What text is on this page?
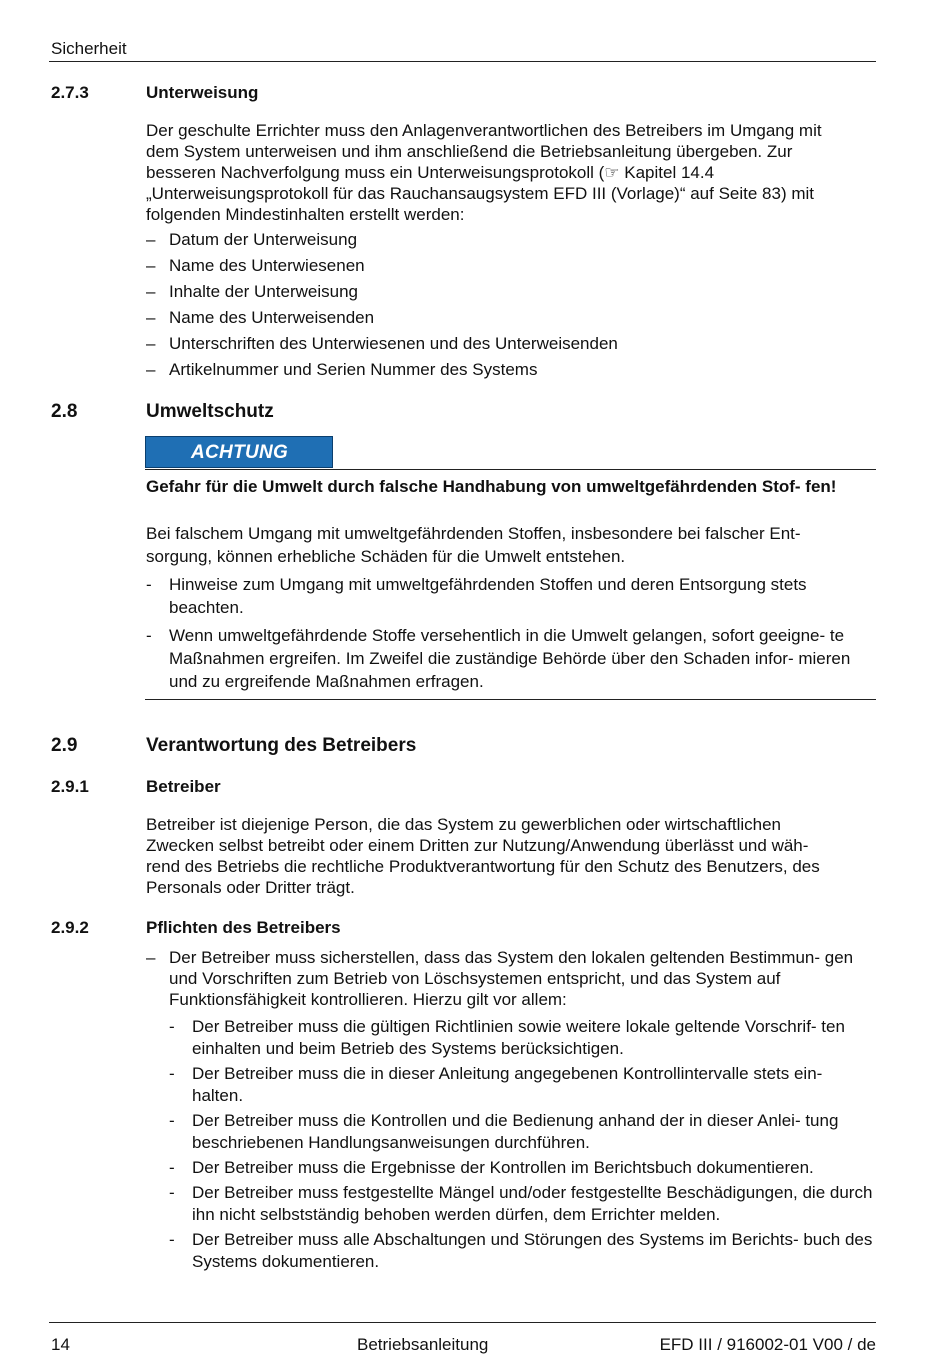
Sicherheit
2.7.3	Unterweisung

Der geschulte Errichter muss den Anlagenverantwortlichen des Betreibers im Umgang mit

dem System unterweisen und ihm anschließend die Betriebsanleitung übergeben. Zur

besseren Nachverfolgung muss ein Unterweisungsprotokoll (☞ Kapitel 14.4

„Unterweisungsprotokoll für das Rauchansaugsystem EFD III (Vorlage)“ auf Seite 83) mit

folgenden Mindestinhalten erstellt werden:

– Datum der Unterweisung
– Name des Unterwiesenen
– Inhalte der Unterweisung
– Name des Unterweisenden
– Unterschriften des Unterwiesenen und des Unterweisenden
– Artikelnummer und Serien Nummer des Systems
2.8	Umweltschutz
ACHTUNG
Gefahr für die Umwelt durch falsche Handhabung von umweltgefährdenden Stof- fen!
Bei falschem Umgang mit umweltgefährdenden Stoffen, insbesondere bei falscher Ent- sorgung, können erhebliche Schäden für die Umwelt entstehen.
- Hinweise zum Umgang mit umweltgefährdenden Stoffen und deren Entsorgung stets beachten.
- Wenn umweltgefährdende Stoffe versehentlich in die Umwelt gelangen, sofort geeigne- te Maßnahmen ergreifen. Im Zweifel die zuständige Behörde über den Schaden infor- mieren und zu ergreifende Maßnahmen erfragen.
2.9	Verantwortung des Betreibers
2.9.1	Betreiber

Betreiber ist diejenige Person, die das System zu gewerblichen oder wirtschaftlichen

Zwecken selbst betreibt oder einem Dritten zur Nutzung/Anwendung überlässt und wäh-

rend des Betriebs die rechtliche Produktverantwortung für den Schutz des Benutzers, des

Personals oder Dritter trägt.

2.9.2	Pflichten des Betreibers
– Der Betreiber muss sicherstellen, dass das System den lokalen geltenden Bestimmun- gen und Vorschriften zum Betrieb von Löschsystemen entspricht, und das System auf Funktionsfähigkeit kontrollieren. Hierzu gilt vor allem:
- Der Betreiber muss die gültigen Richtlinien sowie weitere lokale geltende Vorschrif- ten einhalten und beim Betrieb des Systems berücksichtigen.
- Der Betreiber muss die in dieser Anleitung angegebenen Kontrollintervalle stets ein- halten.
- Der Betreiber muss die Kontrollen und die Bedienung anhand der in dieser Anlei- tung beschriebenen Handlungsanweisungen durchführen.
- Der Betreiber muss die Ergebnisse der Kontrollen im Berichtsbuch dokumentieren.
- Der Betreiber muss festgestellte Mängel und/oder festgestellte Beschädigungen, die durch ihn nicht selbstständig behoben werden dürfen, dem Errichter melden.
- Der Betreiber muss alle Abschaltungen und Störungen des Systems im Berichts- buch des Systems dokumentieren.
14	Betriebsanleitung	EFD III / 916002-01 V00 / de
